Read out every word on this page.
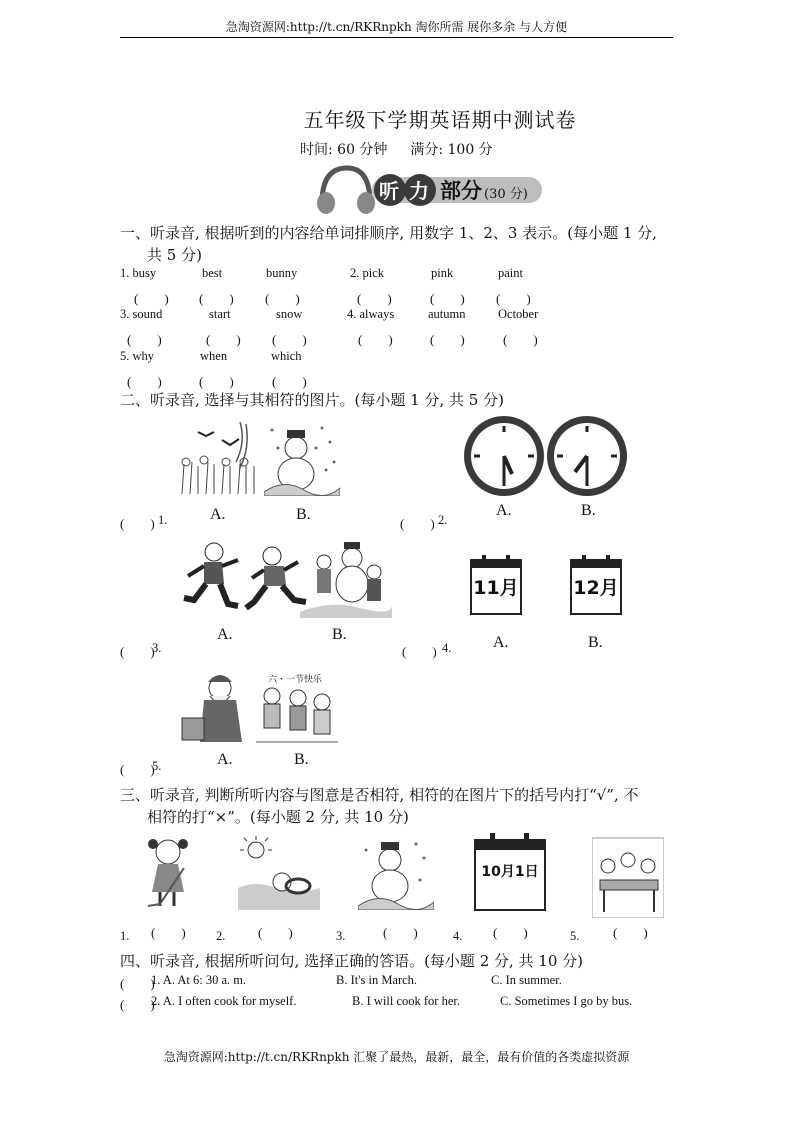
急淘资源网:http://t.cn/RKRnpkh 淘你所需 展你多余 与人方便
急淘资源网:http://t.cn/RKRnpkh 汇聚了最热，最新，最全，最有价值的各类虚拟资源
五年级下学期英语期中测试卷
时间: 60 分钟 满分: 100 分
听 力 部分 (30 分)
一、听录音, 根据听到的内容给单词排顺序, 用数字 1、2、3 表示。(每小题 1 分,
共 5 分)
1. busy	best	bunny	2. pick	pink	paint
(　　) (　　) (　　)	(　　)	(　　) (　　)
3. sound	start	snow	4. always	autumn	October
(　　)	(　　) (　　)	(　　)	(　　)	(　　)
5. why	when	which
(　　)	(　　)	(　　)
二、听录音, 选择与其相符的图片。(每小题 1 分, 共 5 分)
(　　) 1.	A.	B.
(　　) 2.
A.	B.
(　　)
3.
A.	B.
11月	12月
(　　) 4.	A.	B.
六・一节快乐
(　　)
5.	A.	B.
三、听录音, 判断所听内容与图意是否相符, 相符的在图片下的括号内打“√”, 不
相符的打“×”。(每小题 2 分, 共 10 分)
10月1日
1. (　　) 2.	(　　)	3.	(　　)	4. (　　)	5.	(　　)
四、听录音, 根据所听问句, 选择正确的答语。(每小题 2 分, 共 10 分)
(　　)
1. A. At 6: 30 a. m.	B. It's in March.	C. In summer.
(　　)
2. A. I often cook for myself.	B. I will cook for her.	C. Sometimes I go by bus.
